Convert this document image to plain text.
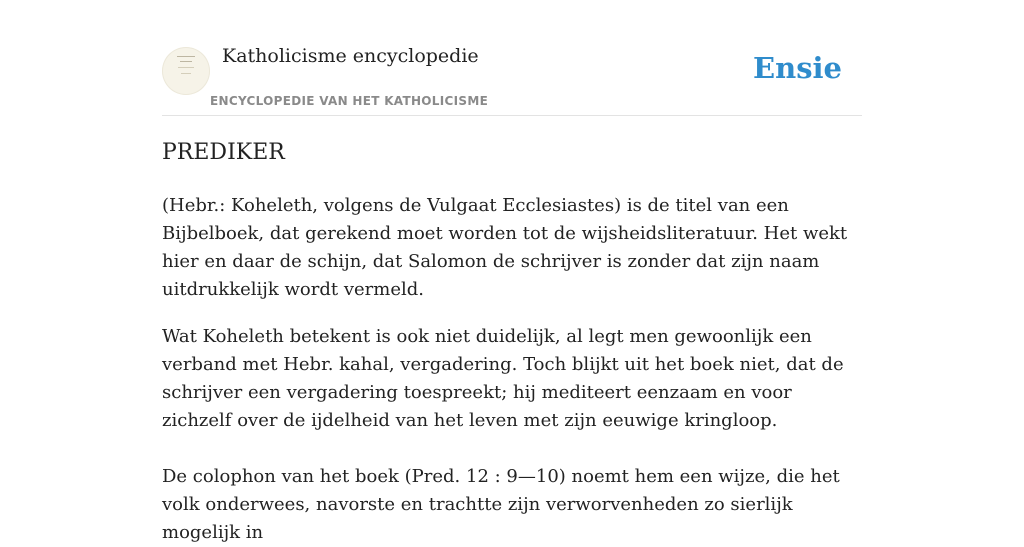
Katholicisme encyclopedie
ENCYCLOPEDIE VAN HET KATHOLICISME
Ensie
PREDIKER

(Hebr.: Koheleth, volgens de Vulgaat Ecclesiastes) is de titel van een Bijbelboek, dat gerekend moet worden tot de wijsheidsliteratuur. Het wekt hier en daar de schijn, dat Salomon de schrijver is zonder dat zijn naam uitdrukkelijk wordt vermeld.

Wat Koheleth betekent is ook niet duidelijk, al legt men gewoonlijk een verband met Hebr. kahal, vergadering. Toch blijkt uit het boek niet, dat de schrijver een vergadering toespreekt; hij mediteert eenzaam en voor zichzelf over de ijdelheid van het leven met zijn eeuwige kringloop.

De colophon van het boek (Pred. 12 : 9—10) noemt hem een wijze, die het volk onderwees, navorste en trachtte zijn verworvenheden zo sierlijk mogelijk in
